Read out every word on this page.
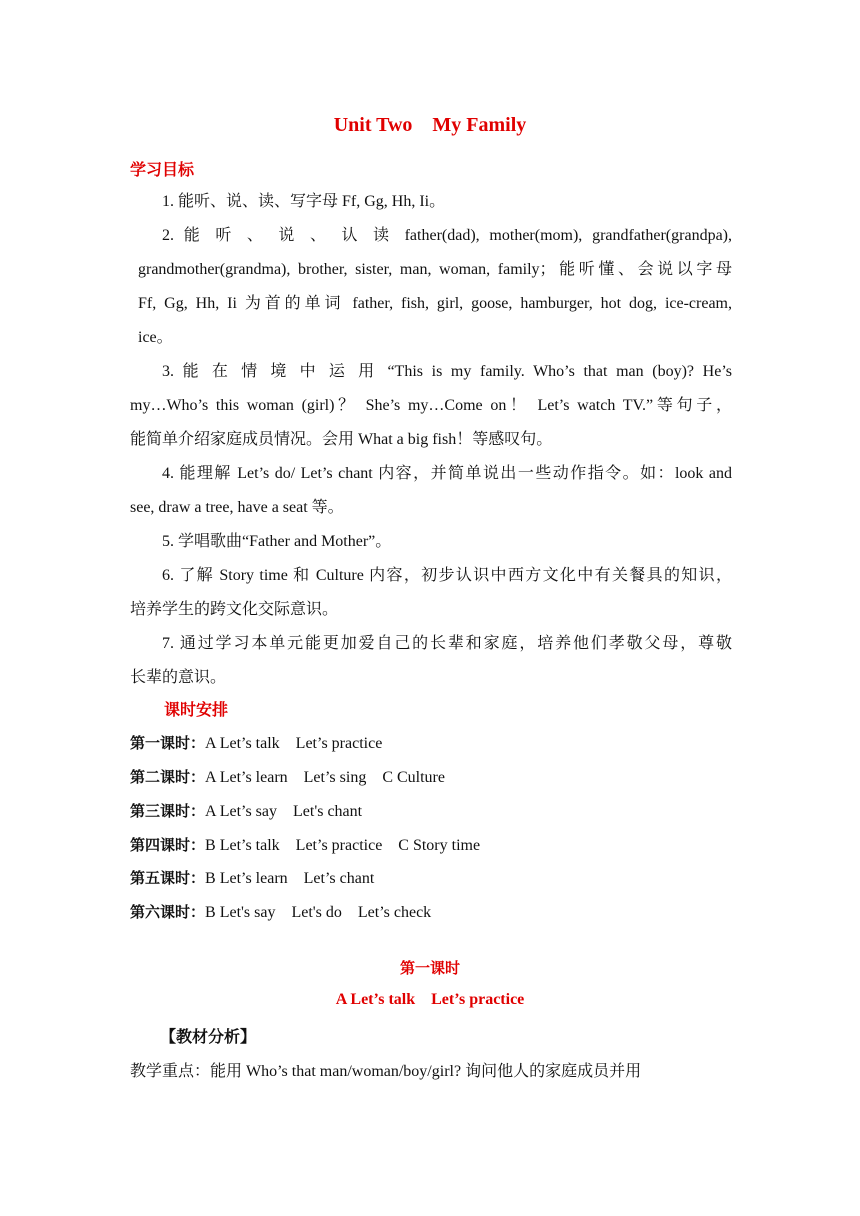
Unit Two    My Family
学习目标
1. 能听、说、读、写字母 Ff, Gg, Hh, Ii。
2. 能 听 、 说 、 认 读 father(dad), mother(mom), grandfather(grandpa),
grandmother(grandma), brother, sister, man, woman, family；能听懂、会说以字母
Ff, Gg, Hh, Ii 为首的单词 father, fish, girl, goose, hamburger, hot dog, ice-cream,
ice。
3. 能 在 情 境 中 运 用 “This is my family. Who’s that man (boy)? He’s
my…Who’s this woman (girl)？ She’s my…Come on！ Let’s watch TV.”等句子，
能简单介绍家庭成员情况。会用 What a big fish！等感叹句。
4. 能理解 Let’s do/ Let’s chant 内容，并简单说出一些动作指令。如：look and
see, draw a tree, have a seat 等。
5. 学唱歌曲“Father and Mother”。
6. 了解 Story time 和 Culture 内容，初步认识中西方文化中有关餐具的知识，
培养学生的跨文化交际意识。
7. 通过学习本单元能更加爱自己的长辈和家庭，培养他们孝敬父母，尊敬
长辈的意识。
课时安排
第一课时：A Let’s talk    Let’s practice
第二课时：A Let’s learn    Let’s sing    C Culture
第三课时：A Let’s say    Let's chant
第四课时：B Let’s talk    Let’s practice    C Story time
第五课时：B Let’s learn    Let’s chant
第六课时：B Let's say    Let's do    Let’s check
第一课时
A Let’s talk    Let’s practice
【教材分析】
教学重点：能用 Who’s that man/woman/boy/girl? 询问他人的家庭成员并用
